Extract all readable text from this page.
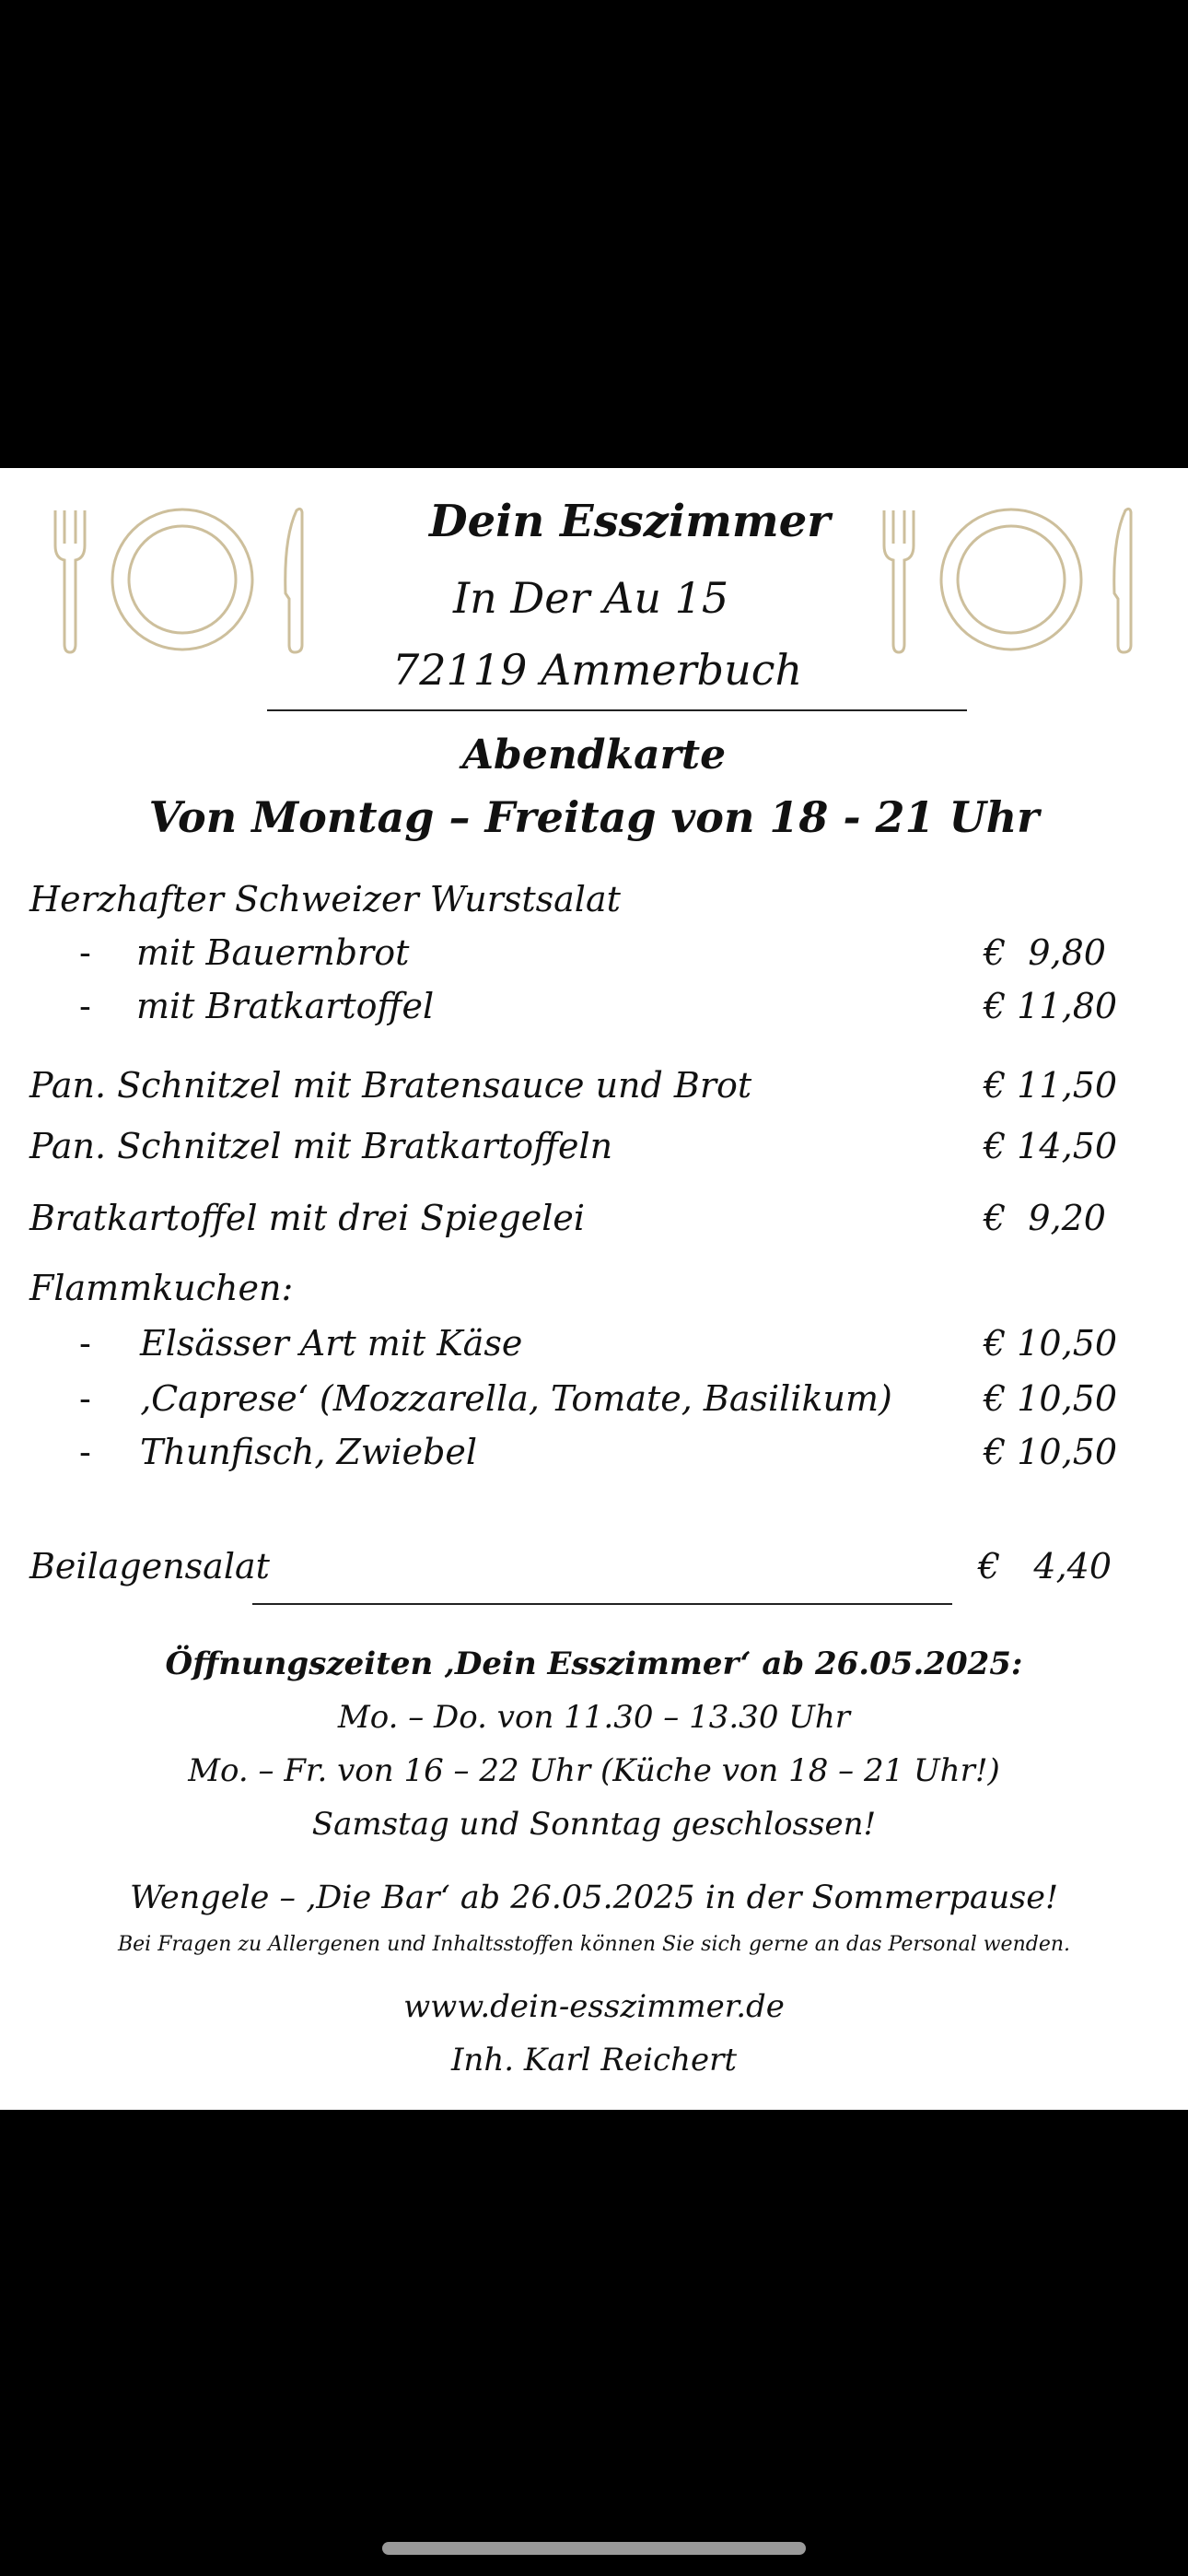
Dein Esszimmer
In Der Au 15
72119 Ammerbuch
Abendkarte
Von Montag – Freitag von 18 - 21 Uhr
Herzhafter Schweizer Wurstsalat
- mit Bauernbrot	€  9,80
- mit Bratkartoffel	€ 11,80
Pan. Schnitzel mit Bratensauce und Brot	€ 11,50
Pan. Schnitzel mit Bratkartoffeln	€ 14,50
Bratkartoffel mit drei Spiegelei	€  9,20
Flammkuchen:
- Elsässer Art mit Käse	€ 10,50
- ‚Caprese‘ (Mozzarella, Tomate, Basilikum)	€ 10,50
- Thunfisch, Zwiebel	€ 10,50
Beilagensalat	€   4,40
Öffnungszeiten ‚Dein Esszimmer‘ ab 26.05.2025:
Mo. – Do. von 11.30 – 13.30 Uhr
Mo. – Fr. von 16 – 22 Uhr (Küche von 18 – 21 Uhr!)
Samstag und Sonntag geschlossen!
Wengele – ‚Die Bar‘ ab 26.05.2025 in der Sommerpause!
Bei Fragen zu Allergenen und Inhaltsstoffen können Sie sich gerne an das Personal wenden.
www.dein-esszimmer.de
Inh. Karl Reichert
